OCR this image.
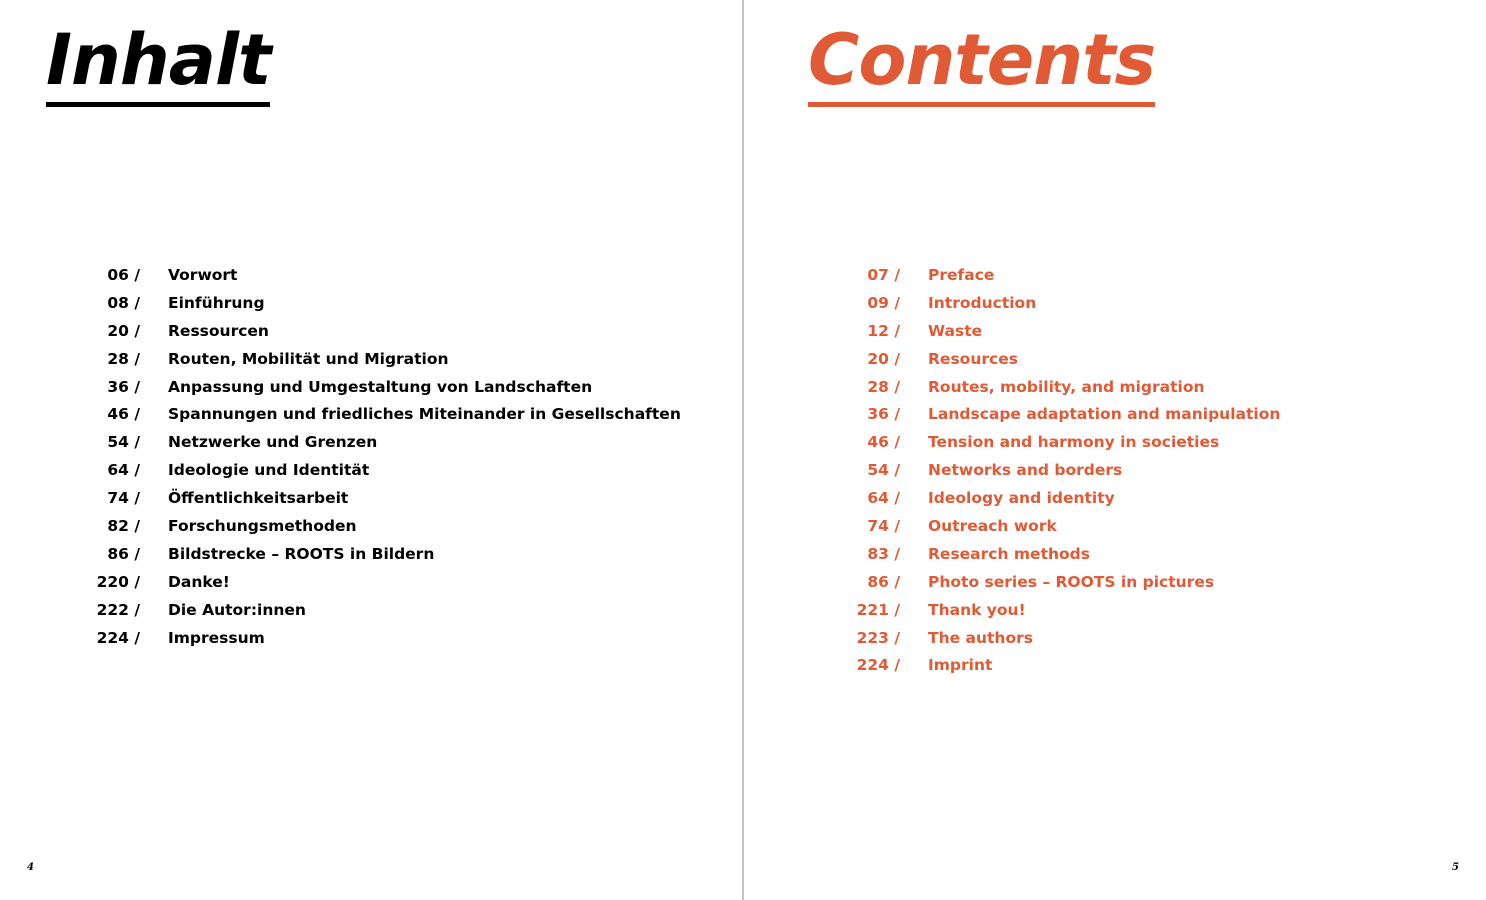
Inhalt
06 / Vorwort
08 / Einführung
20 / Ressourcen
28 / Routen, Mobilität und Migration
36 / Anpassung und Umgestaltung von Landschaften
46 / Spannungen und friedliches Miteinander in Gesellschaften
54 / Netzwerke und Grenzen
64 / Ideologie und Identität
74 / Öffentlichkeitsarbeit
82 / Forschungsmethoden
86 / Bildstrecke – ROOTS in Bildern
220 / Danke!
222 / Die Autor:innen
224 / Impressum
4
Contents
07 / Preface
09 / Introduction
12 / Waste
20 / Resources
28 / Routes, mobility, and migration
36 / Landscape adaptation and manipulation
46 / Tension and harmony in societies
54 / Networks and borders
64 / Ideology and identity
74 / Outreach work
83 / Research methods
86 / Photo series – ROOTS in pictures
221 / Thank you!
223 / The authors
224 / Imprint
5
